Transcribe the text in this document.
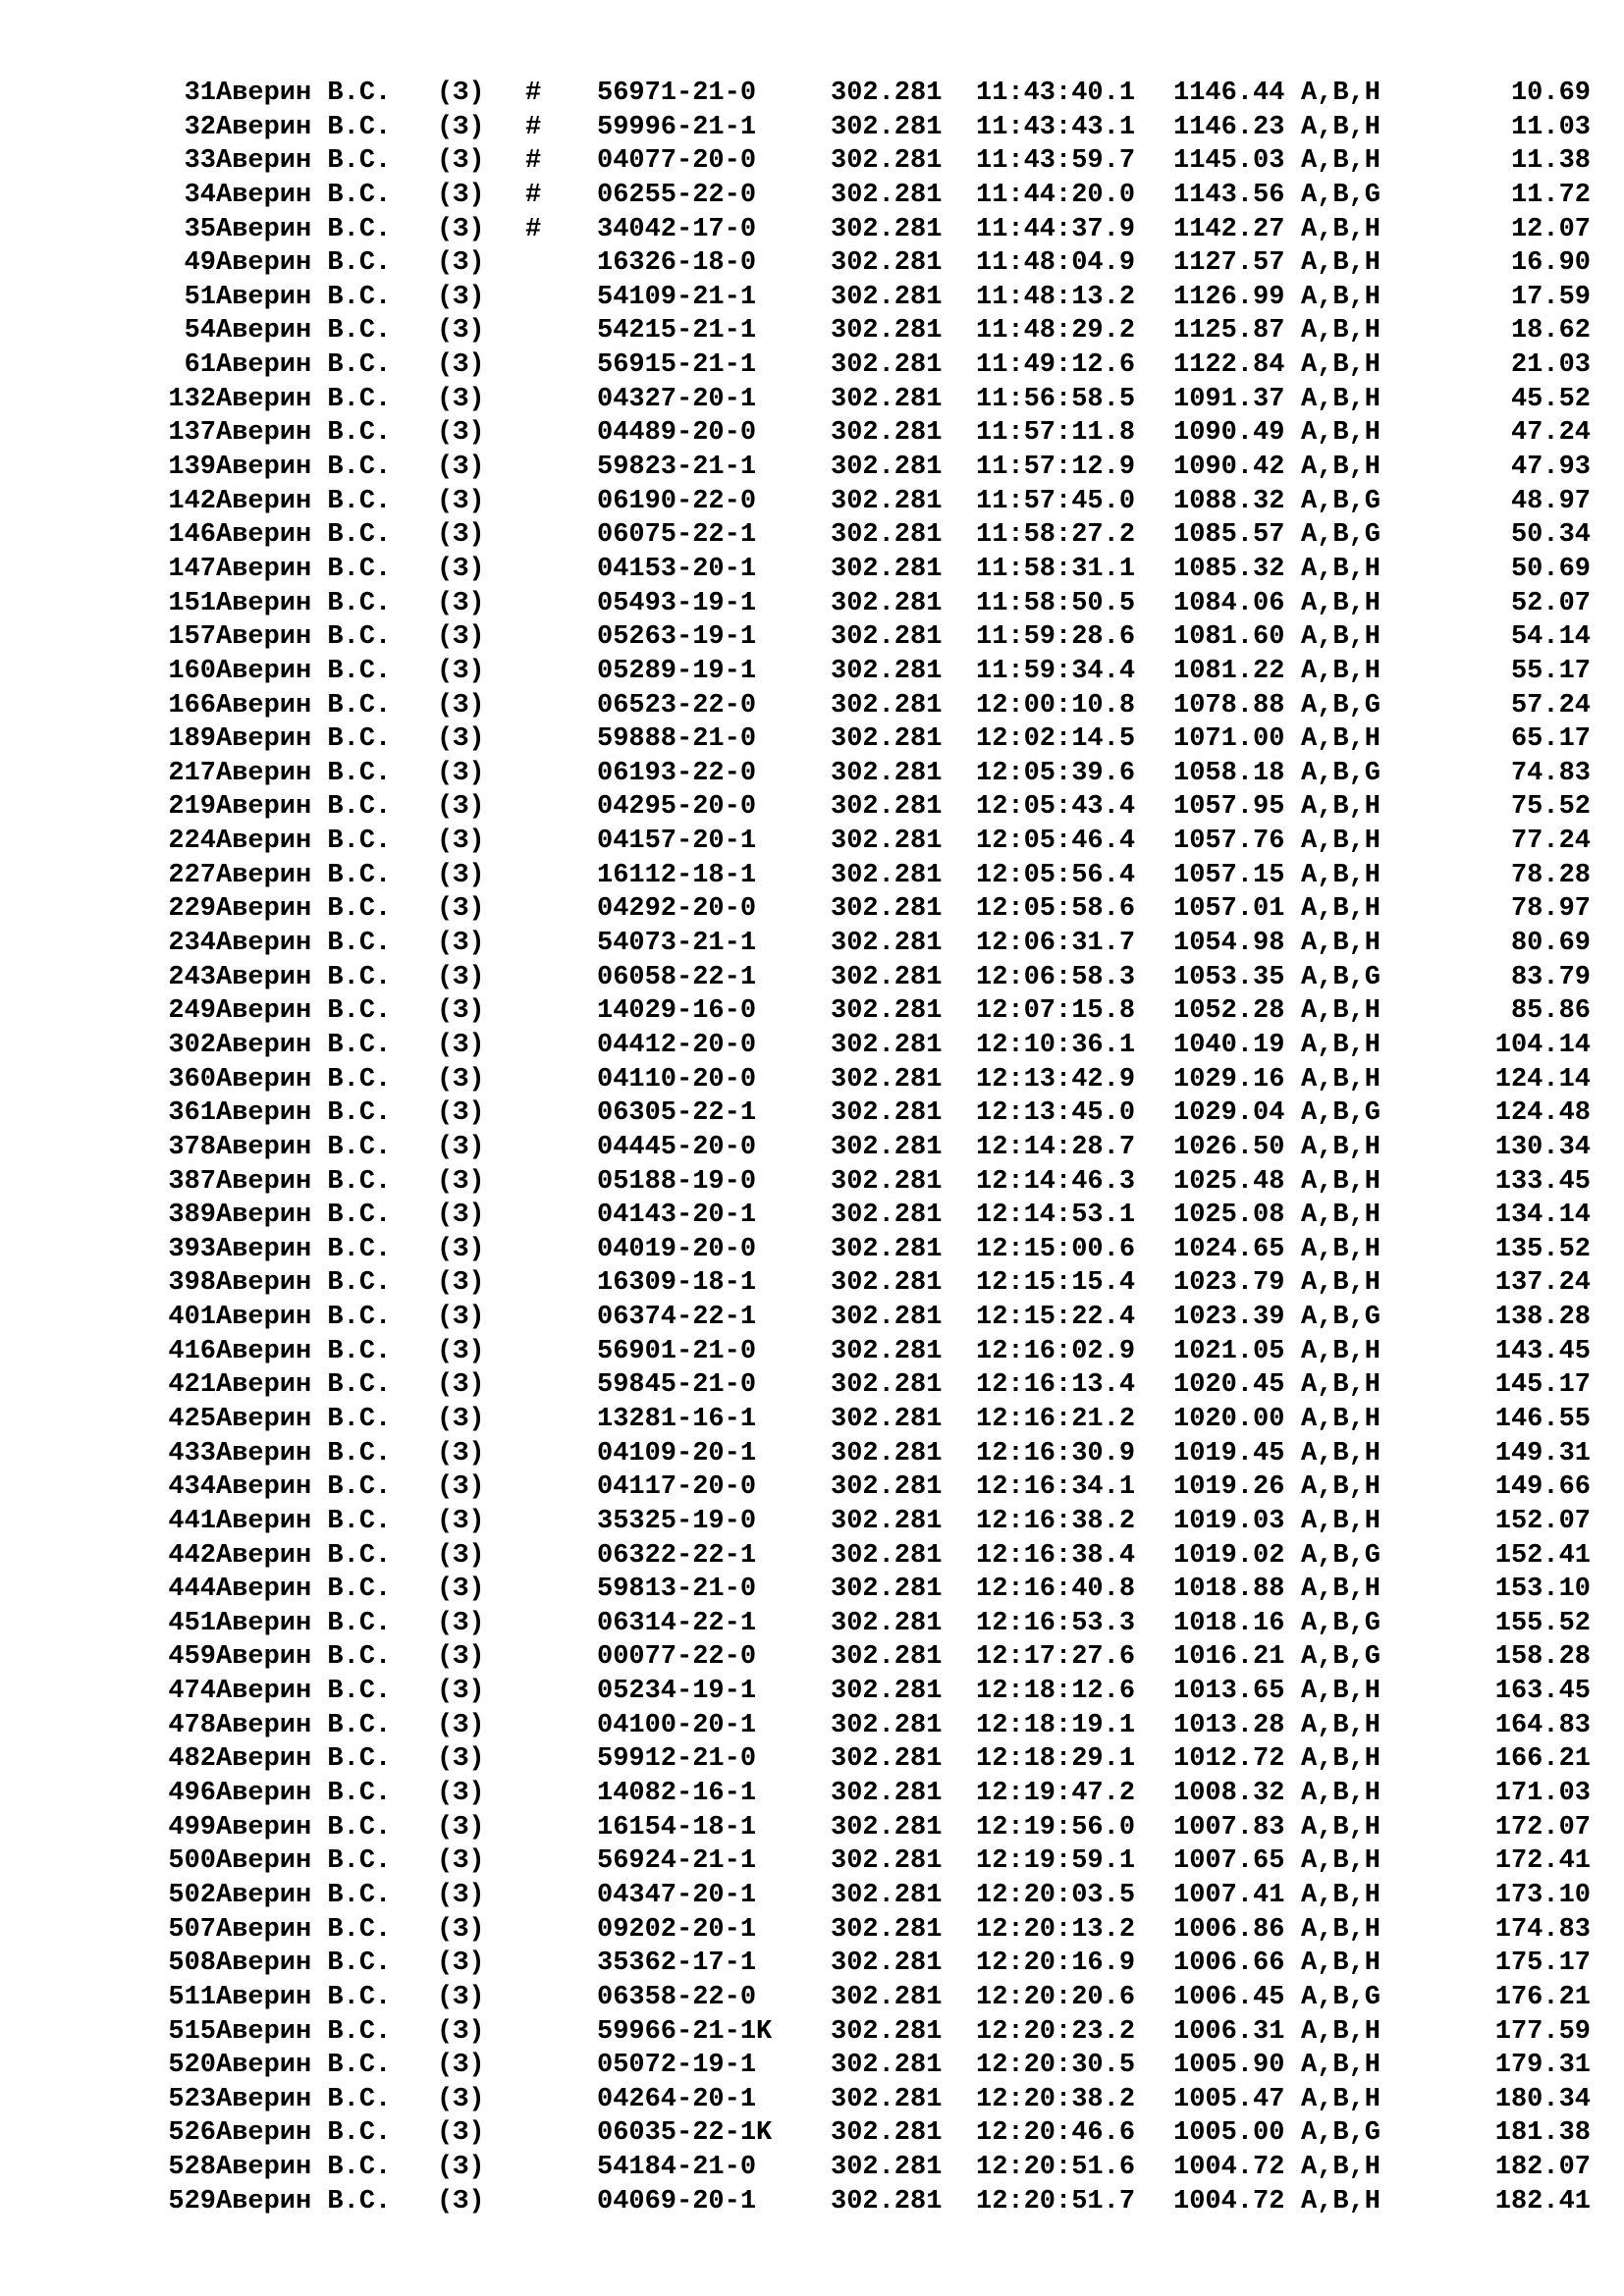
31 Аверин В.С. (З) # 56971-21-0	302.281 11:43:40.1 1146.44 A,B,H	10.69
32 Аверин В.С. (З) # 59996-21-1	302.281 11:43:43.1 1146.23 A,B,H	11.03
33 Аверин В.С. (З) # 04077-20-0	302.281 11:43:59.7 1145.03 A,B,H	11.38
34 Аверин В.С. (З) # 06255-22-0	302.281 11:44:20.0 1143.56 A,B,G	11.72
35 Аверин В.С. (З) # 34042-17-0	302.281 11:44:37.9 1142.27 A,B,H	12.07
49 Аверин В.С. (З)	16326-18-0	302.281 11:48:04.9 1127.57 A,B,H	16.90
51 Аверин В.С. (З)	54109-21-1	302.281 11:48:13.2 1126.99 A,B,H	17.59
54 Аверин В.С. (З)	54215-21-1	302.281 11:48:29.2 1125.87 A,B,H	18.62
61 Аверин В.С. (З)	56915-21-1	302.281 11:49:12.6 1122.84 A,B,H	21.03
132 Аверин В.С. (З)	04327-20-1	302.281 11:56:58.5 1091.37 A,B,H	45.52
137 Аверин В.С. (З)	04489-20-0	302.281 11:57:11.8 1090.49 A,B,H	47.24
139 Аверин В.С. (З)	59823-21-1	302.281 11:57:12.9 1090.42 A,B,H	47.93
142 Аверин В.С. (З)	06190-22-0	302.281 11:57:45.0 1088.32 A,B,G	48.97
146 Аверин В.С. (З)	06075-22-1	302.281 11:58:27.2 1085.57 A,B,G	50.34
147 Аверин В.С. (З)	04153-20-1	302.281 11:58:31.1 1085.32 A,B,H	50.69
151 Аверин В.С. (З)	05493-19-1	302.281 11:58:50.5 1084.06 A,B,H	52.07
157 Аверин В.С. (З)	05263-19-1	302.281 11:59:28.6 1081.60 A,B,H	54.14
160 Аверин В.С. (З)	05289-19-1	302.281 11:59:34.4 1081.22 A,B,H	55.17
166 Аверин В.С. (З)	06523-22-0	302.281 12:00:10.8 1078.88 A,B,G	57.24
189 Аверин В.С. (З)	59888-21-0	302.281 12:02:14.5 1071.00 A,B,H	65.17
217 Аверин В.С. (З)	06193-22-0	302.281 12:05:39.6 1058.18 A,B,G	74.83
219 Аверин В.С. (З)	04295-20-0	302.281 12:05:43.4 1057.95 A,B,H	75.52
224 Аверин В.С. (З)	04157-20-1	302.281 12:05:46.4 1057.76 A,B,H	77.24
227 Аверин В.С. (З)	16112-18-1	302.281 12:05:56.4 1057.15 A,B,H	78.28
229 Аверин В.С. (З)	04292-20-0	302.281 12:05:58.6 1057.01 A,B,H	78.97
234 Аверин В.С. (З)	54073-21-1	302.281 12:06:31.7 1054.98 A,B,H	80.69
243 Аверин В.С. (З)	06058-22-1	302.281 12:06:58.3 1053.35 A,B,G	83.79
249 Аверин В.С. (З)	14029-16-0	302.281 12:07:15.8 1052.28 A,B,H	85.86
302 Аверин В.С. (З)	04412-20-0	302.281 12:10:36.1 1040.19 A,B,H	104.14
360 Аверин В.С. (З)	04110-20-0	302.281 12:13:42.9 1029.16 A,B,H	124.14
361 Аверин В.С. (З)	06305-22-1	302.281 12:13:45.0 1029.04 A,B,G	124.48
378 Аверин В.С. (З)	04445-20-0	302.281 12:14:28.7 1026.50 A,B,H	130.34
387 Аверин В.С. (З)	05188-19-0	302.281 12:14:46.3 1025.48 A,B,H	133.45
389 Аверин В.С. (З)	04143-20-1	302.281 12:14:53.1 1025.08 A,B,H	134.14
393 Аверин В.С. (З)	04019-20-0	302.281 12:15:00.6 1024.65 A,B,H	135.52
398 Аверин В.С. (З)	16309-18-1	302.281 12:15:15.4 1023.79 A,B,H	137.24
401 Аверин В.С. (З)	06374-22-1	302.281 12:15:22.4 1023.39 A,B,G	138.28
416 Аверин В.С. (З)	56901-21-0	302.281 12:16:02.9 1021.05 A,B,H	143.45
421 Аверин В.С. (З)	59845-21-0	302.281 12:16:13.4 1020.45 A,B,H	145.17
425 Аверин В.С. (З)	13281-16-1	302.281 12:16:21.2 1020.00 A,B,H	146.55
433 Аверин В.С. (З)	04109-20-1	302.281 12:16:30.9 1019.45 A,B,H	149.31
434 Аверин В.С. (З)	04117-20-0	302.281 12:16:34.1 1019.26 A,B,H	149.66
441 Аверин В.С. (З)	35325-19-0	302.281 12:16:38.2 1019.03 A,B,H	152.07
442 Аверин В.С. (З)	06322-22-1	302.281 12:16:38.4 1019.02 A,B,G	152.41
444 Аверин В.С. (З)	59813-21-0	302.281 12:16:40.8 1018.88 A,B,H	153.10
451 Аверин В.С. (З)	06314-22-1	302.281 12:16:53.3 1018.16 A,B,G	155.52
459 Аверин В.С. (З)	00077-22-0	302.281 12:17:27.6 1016.21 A,B,G	158.28
474 Аверин В.С. (З)	05234-19-1	302.281 12:18:12.6 1013.65 A,B,H	163.45
478 Аверин В.С. (З)	04100-20-1	302.281 12:18:19.1 1013.28 A,B,H	164.83
482 Аверин В.С. (З)	59912-21-0	302.281 12:18:29.1 1012.72 A,B,H	166.21
496 Аверин В.С. (З)	14082-16-1	302.281 12:19:47.2 1008.32 A,B,H	171.03
499 Аверин В.С. (З)	16154-18-1	302.281 12:19:56.0 1007.83 A,B,H	172.07
500 Аверин В.С. (З)	56924-21-1	302.281 12:19:59.1 1007.65 A,B,H	172.41
502 Аверин В.С. (З)	04347-20-1	302.281 12:20:03.5 1007.41 A,B,H	173.10
507 Аверин В.С. (З)	09202-20-1	302.281 12:20:13.2 1006.86 A,B,H	174.83
508 Аверин В.С. (З)	35362-17-1	302.281 12:20:16.9 1006.66 A,B,H	175.17
511 Аверин В.С. (З)	06358-22-0	302.281 12:20:20.6 1006.45 A,B,G	176.21
515 Аверин В.С. (З)	59966-21-1K 302.281 12:20:23.2 1006.31 A,B,H	177.59
520 Аверин В.С. (З)	05072-19-1	302.281 12:20:30.5 1005.90 A,B,H	179.31
523 Аверин В.С. (З)	04264-20-1	302.281 12:20:38.2 1005.47 A,B,H	180.34
526 Аверин В.С. (З)	06035-22-1K 302.281 12:20:46.6 1005.00 A,B,G	181.38
528 Аверин В.С. (З)	54184-21-0	302.281 12:20:51.6 1004.72 A,B,H	182.07
529 Аверин В.С. (З)	04069-20-1	302.281 12:20:51.7 1004.72 A,B,H	182.41
